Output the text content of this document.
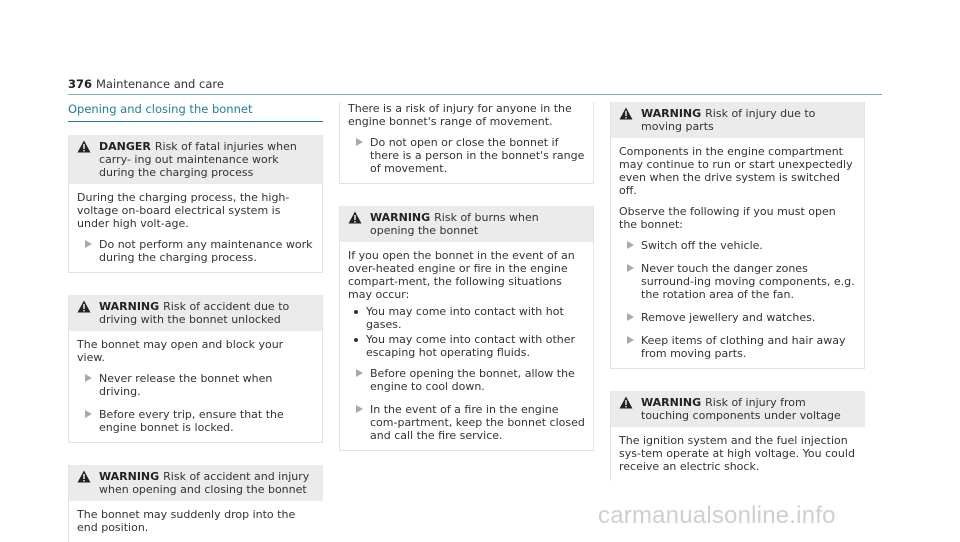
376 Maintenance and care
Opening and closing the bonnet
DANGER Risk of fatal injuries when carry- ing out maintenance work during the charging process

During the charging process, the high-voltage on-board electrical system is under high volt-age.

Do not perform any maintenance work during the charging process.
WARNING Risk of accident due to driving with the bonnet unlocked

The bonnet may open and block your view.

Never release the bonnet when driving.
Before every trip, ensure that the engine bonnet is locked.
WARNING Risk of accident and injury when opening and closing the bonnet

The bonnet may suddenly drop into the end position.

There is a risk of injury for anyone in the engine bonnet's range of movement.

Do not open or close the bonnet if there is a person in the bonnet's range of movement.
WARNING Risk of burns when opening the bonnet

If you open the bonnet in the event of an over-heated engine or fire in the engine compart-ment, the following situations may occur:

You may come into contact with hot gases.
You may come into contact with other escaping hot operating fluids.
Before opening the bonnet, allow the engine to cool down.
In the event of a fire in the engine com-partment, keep the bonnet closed and call the fire service.
WARNING Risk of injury due to moving parts

Components in the engine compartment may continue to run or start unexpectedly even when the drive system is switched off.

Observe the following if you must open the bonnet:

Switch off the vehicle.
Never touch the danger zones surround-ing moving components, e.g. the rotation area of the fan.
Remove jewellery and watches.
Keep items of clothing and hair away from moving parts.
WARNING Risk of injury from touching components under voltage

The ignition system and the fuel injection sys-tem operate at high voltage. You could receive an electric shock.

carmanualsonline.info
